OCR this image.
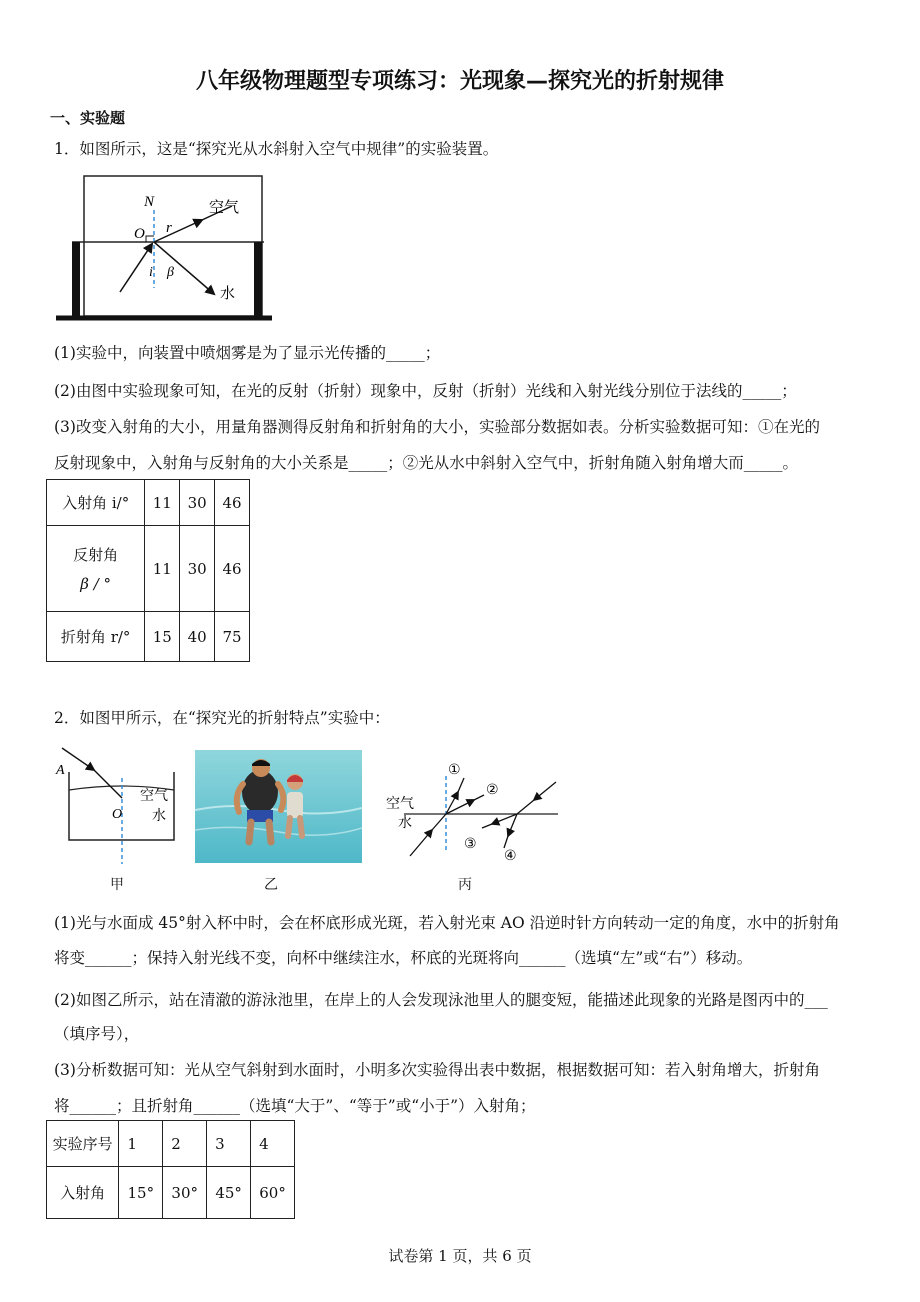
八年级物理题型专项练习：光现象—探究光的折射规律
一、实验题
1．如图所示，这是“探究光从水斜射入空气中规律”的实验装置。
N
O r
i β
空气
水
(1)实验中，向装置中喷烟雾是为了显示光传播的_____；
(2)由图中实验现象可知，在光的反射（折射）现象中，反射（折射）光线和入射光线分别位于法线的_____；
(3)改变入射角的大小，用量角器测得反射角和折射角的大小，实验部分数据如表。分析实验数据可知：①在光的
反射现象中，入射角与反射角的大小关系是_____；②光从水中斜射入空气中，折射角随入射角增大而_____。
入射角 i/°	11	30	46

反射角
β / °	11	30	46
折射角 r/°	15	40	75
2．如图甲所示，在“探究光的折射特点”实验中：
A
O
空气
水
甲	乙
①
②
③
④
空气
水
丙
(1)光与水面成 45°射入杯中时，会在杯底形成光斑，若入射光束 AO 沿逆时针方向转动一定的角度，水中的折射角
将变______；保持入射光线不变，向杯中继续注水，杯底的光斑将向______（选填“左”或“右”）移动。
(2)如图乙所示，站在清澈的游泳池里，在岸上的人会发现泳池里人的腿变短，能描述此现象的光路是图丙中的___
（填序号），
(3)分析数据可知：光从空气斜射到水面时，小明多次实验得出表中数据，根据数据可知：若入射角增大，折射角
将______；且折射角______（选填“大于”、“等于”或“小于”）入射角；
实验序号	1	2	3	4
入射角	15°	30°	45°	60°
试卷第 1 页，共 6 页
